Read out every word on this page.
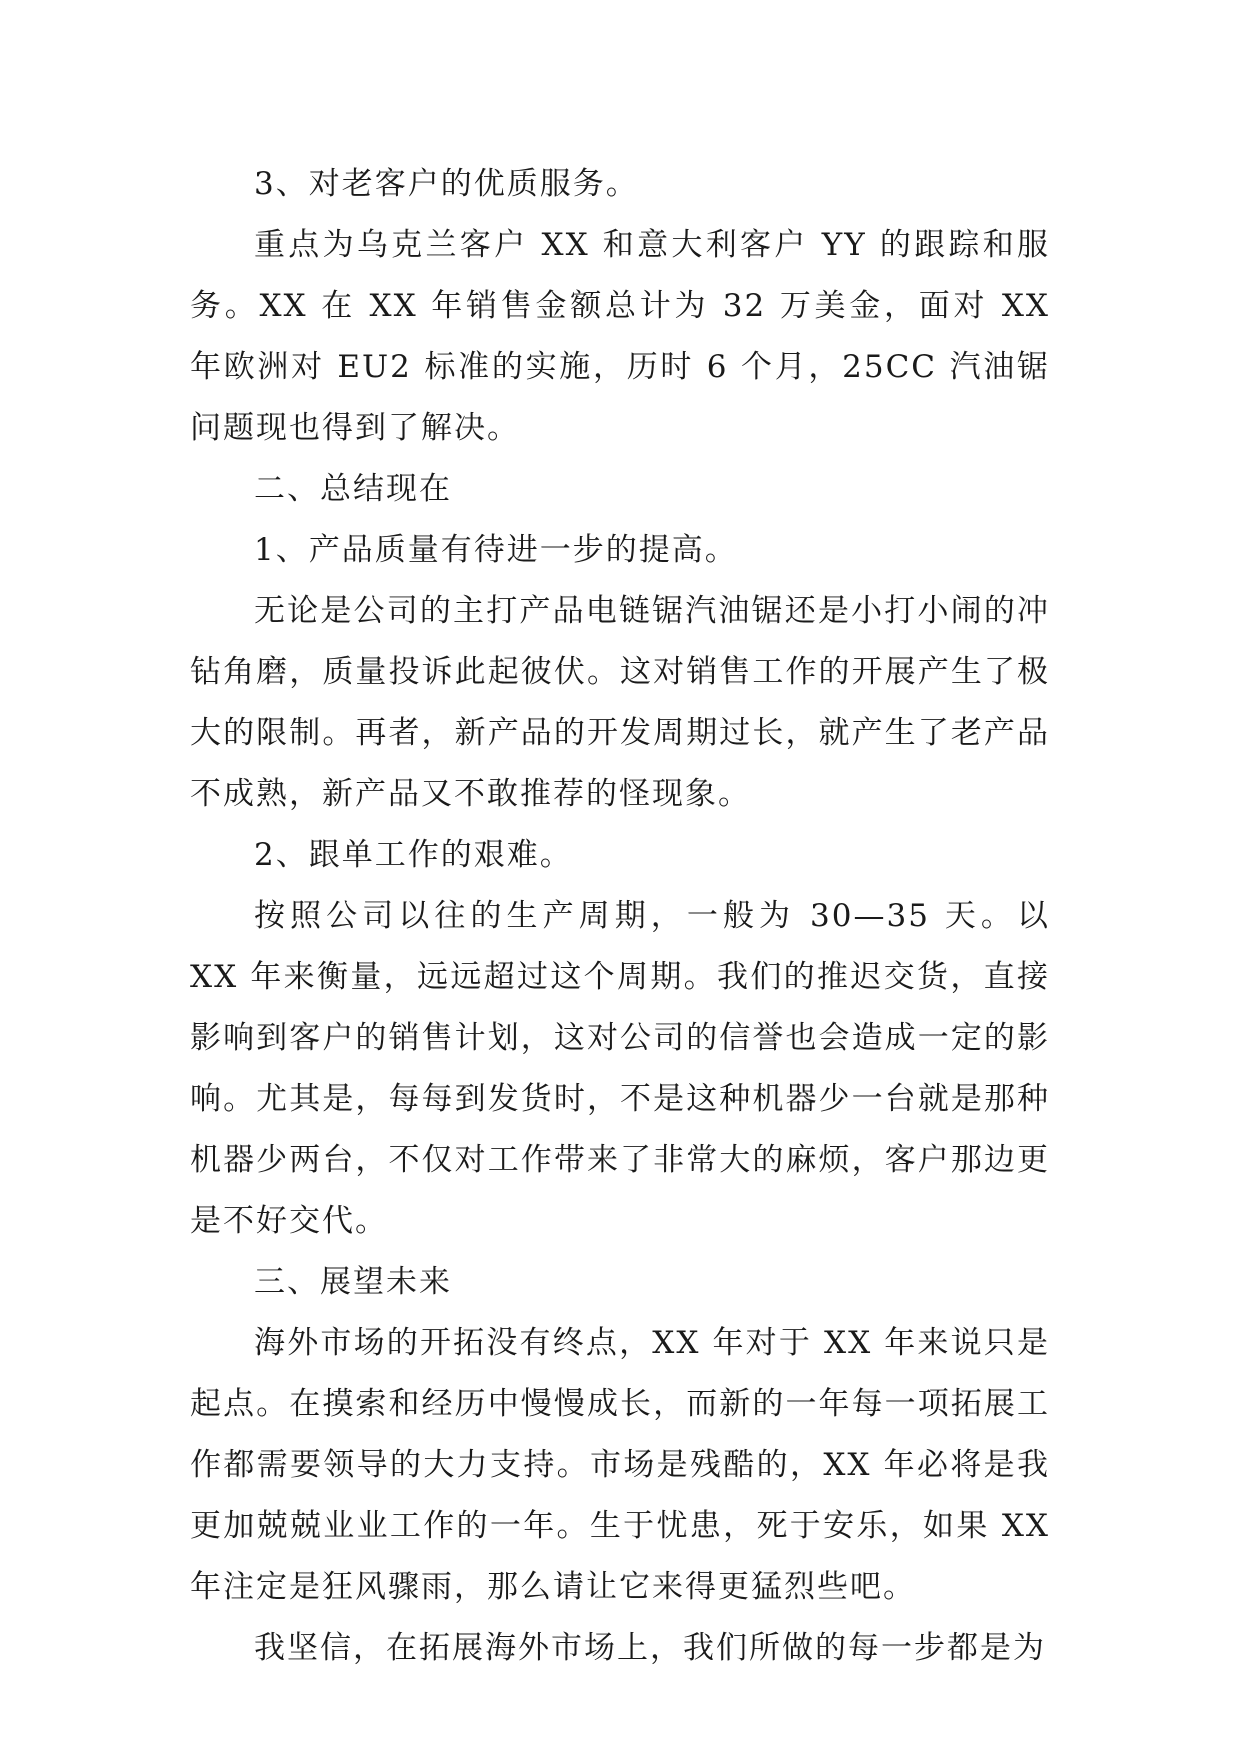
3、对老客户的优质服务。

重点为乌克兰客户 XX 和意大利客户 YY 的跟踪和服务。XX 在 XX 年销售金额总计为 32 万美金，面对 XX 年欧洲对 EU2 标准的实施，历时 6 个月，25CC 汽油锯问题现也得到了解决。

二、总结现在

1、产品质量有待进一步的提高。

无论是公司的主打产品电链锯汽油锯还是小打小闹的冲钻角磨，质量投诉此起彼伏。这对销售工作的开展产生了极大的限制。再者，新产品的开发周期过长，就产生了老产品不成熟，新产品又不敢推荐的怪现象。

2、跟单工作的艰难。

按照公司以往的生产周期，一般为 30—35 天。以 XX 年来衡量，远远超过这个周期。我们的推迟交货，直接影响到客户的销售计划，这对公司的信誉也会造成一定的影响。尤其是，每每到发货时，不是这种机器少一台就是那种机器少两台，不仅对工作带来了非常大的麻烦，客户那边更是不好交代。

三、展望未来

海外市场的开拓没有终点，XX 年对于 XX 年来说只是起点。在摸索和经历中慢慢成长，而新的一年每一项拓展工作都需要领导的大力支持。市场是残酷的，XX 年必将是我更加兢兢业业工作的一年。生于忧患，死于安乐，如果 XX 年注定是狂风骤雨，那么请让它来得更猛烈些吧。

我坚信，在拓展海外市场上，我们所做的每一步都是为
